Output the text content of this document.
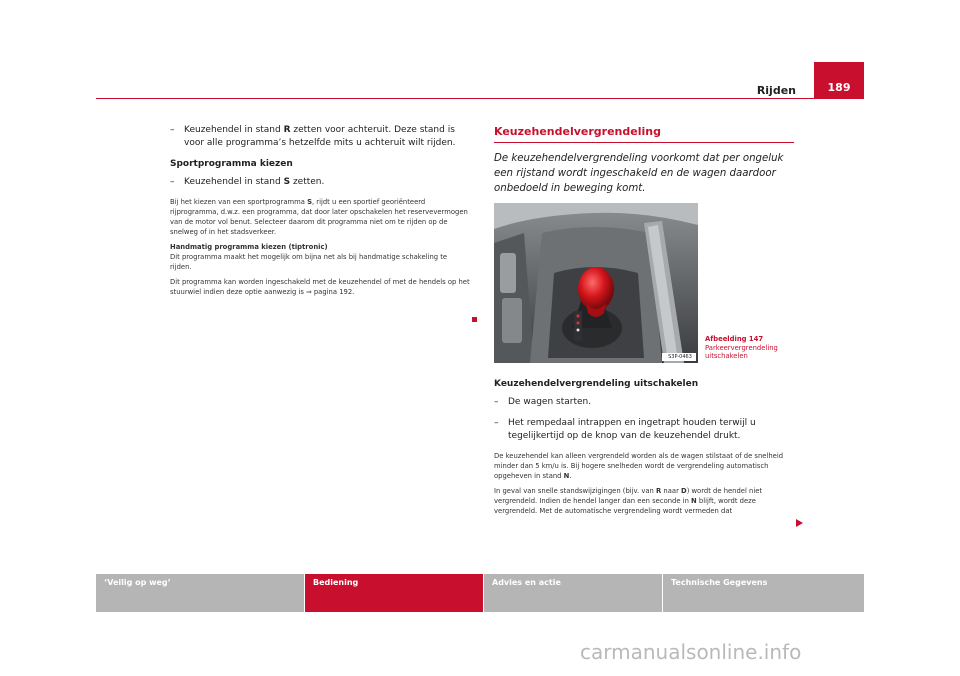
Rijden	189
– Keuzehendel in stand R zetten voor achteruit. Deze stand is voor alle programma’s hetzelfde mits u achteruit wilt rijden.
Sportprogramma kiezen
– Keuzehendel in stand S zetten.
Bij het kiezen van een sportprogramma S, rijdt u een sportief georiënteerd rijprogramma, d.w.z. een programma, dat door later opschakelen het reservevermogen van de motor vol benut. Selecteer daarom dit programma niet om te rijden op de snelweg of in het stadsverkeer.
Handmatig programma kiezen (tiptronic)
Dit programma maakt het mogelijk om bijna net als bij handmatige schakeling te rijden.
Dit programma kan worden ingeschakeld met de keuzehendel of met de hendels op het stuurwiel indien deze optie aanwezig is ⇒ pagina 192.
Keuzehendelvergrendeling
De keuzehendelvergrendeling voorkomt dat per ongeluk een rijstand wordt ingeschakeld en de wagen daardoor onbedoeld in beweging komt.
S3P-0463
Afbeelding 147 Parkeervergrendeling uitschakelen
Keuzehendelvergrendeling uitschakelen
– De wagen starten.
– Het rempedaal intrappen en ingetrapt houden terwijl u tegelijkertijd op de knop van de keuzehendel drukt.
De keuzehendel kan alleen vergrendeld worden als de wagen stilstaat of de snelheid minder dan 5 km/u is. Bij hogere snelheden wordt de vergrendeling automatisch opgeheven in stand N.
In geval van snelle standswijzigingen (bijv. van R naar D) wordt de hendel niet vergrendeld. Indien de hendel langer dan een seconde in N blijft, wordt deze vergrendeld. Met de automatische vergrendeling wordt vermeden dat
‘Veilig op weg’	Bediening	Advies en actie	Technische Gegevens
carmanualsonline.info
